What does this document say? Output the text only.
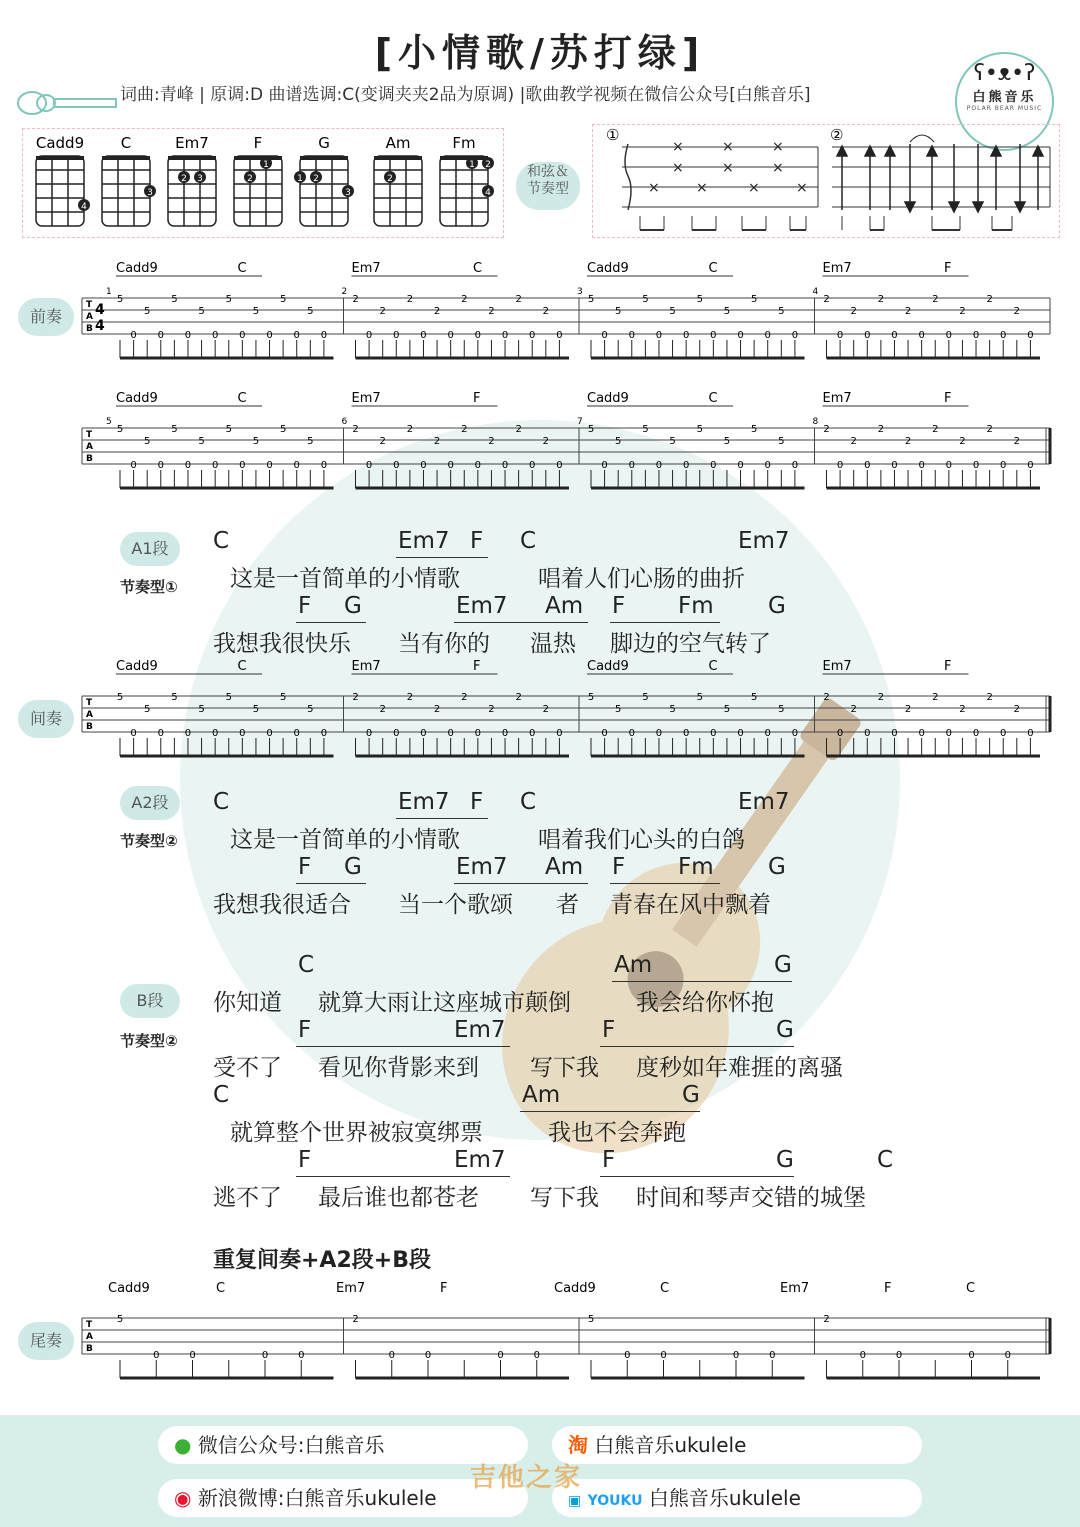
[小情歌/苏打绿]
词曲:青峰 | 原调:D 曲谱选调:C(变调夹夹2品为原调) |歌曲教学视频在微信公众号[白熊音乐]
ʕ•ᴥ•ʔ
白熊音乐
POLAR BEAR MUSIC
Cadd9
4
C
3
Em7
2 3
F
2
1
G
1 2
3
Am
2
Fm
1 2
4
和弦＆
节奏型
①	②
×	×	×
×	×	×
×	×	×	×
前奏
间奏
尾奏
A1段
节奏型①
A2段
节奏型②
B段
节奏型②
T
A
B
Cadd9	C	Em7	C	Cadd9	C	Em7	F
1	2	3	4
5
0
5
0
5
0
5
0
5
0
5
0
5
0
5
0
2
0
2
0
2
0
2
0
2
0
2
0
2
0
2
0
5
0
5
0
5
0
5
0
5
0
5
0
5
0
5
0
2
0
2
0
2
0
2
0
2
0
2
0
2
0
2
0
4
4
T
A
B
Cadd9	C	Em7	F	Cadd9	C	Em7	F
5	6	7	8
5
0
5
0
5
0
5
0
5
0
5
0
5
0
5
0
2
0
2
0
2
0
2
0
2
0
2
0
2
0
2
0
5
0
5
0
5
0
5
0
5
0
5
0
5
0
5
0
2
0
2
0
2
0
2
0
2
0
2
0
2
0
2
0
T
A
B
Cadd9	C	Em7	F	Cadd9	C	Em7	F
5
0
5
0
5
0
5
0
5
0
5
0
5
0
5
0
2
0
2
0
2
0
2
0
2
0
2
0
2
0
2
0
5
0
5
0
5
0
5
0
5
0
5
0
5
0
5
0
2
0
2
0
2
0
2
0
2
0
2
0
2
0
2
0
T
A
B
Cadd9	C	Em7	F	Cadd9	C	Em7	F	C
5
0	0	0	0
2
0	0	0	0
5
0	0	0	0
2
0	0	0	0
C	Em7 F C	Em7
这是一首简单的小情歌	唱着人们心肠的曲折
F G	Em7 Am F Fm G
我想我很快乐 当有你的 温热 脚边的空气转了
C	Em7 F C	Em7
这是一首简单的小情歌	唱着我们心头的白鸽
F G	Em7 Am F Fm G
我想我很适合 当一个歌颂 者 青春在风中飘着
C	Am	G
你知道 就算大雨让这座城市颠倒	我会给你怀抱
F	Em7	F	G
受不了 看见你背影来到 写下我 度秒如年难捱的离骚
C	Am	G
就算整个世界被寂寞绑票	我也不会奔跑
F	Em7	F	G	C
逃不了 最后谁也都苍老 写下我 时间和琴声交错的城堡
重复间奏+A2段+B段
● 微信公众号:白熊音乐	淘 白熊音乐ukulele
◉ 新浪微博:白熊音乐ukulele	▣ YOUKU 白熊音乐ukulele
吉他之家
